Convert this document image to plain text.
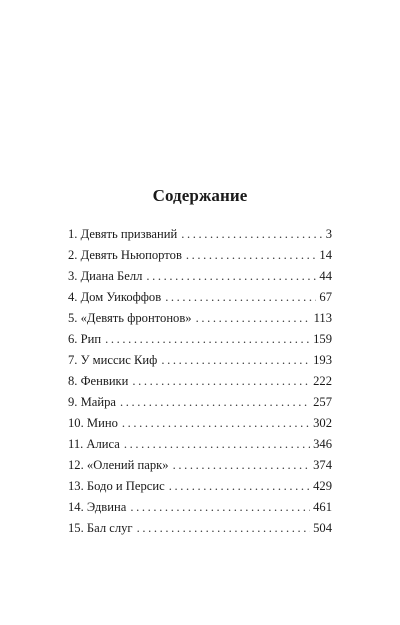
Содержание
1. Девять призваний .....	3
2. Девять Ньюпортов .....	14
3. Диана Белл .....	44
4. Дом Уикоффов .....	67
5. «Девять фронтонов» .....	113
6. Рип .....	159
7. У миссис Киф .....	193
8. Фенвики .....	222
9. Майра .....	257
10. Мино .....	302
11. Алиса .....	346
12. «Олений парк» .....	374
13. Бодо и Персис .....	429
14. Эдвина .....	461
15. Бал слуг .....	504
